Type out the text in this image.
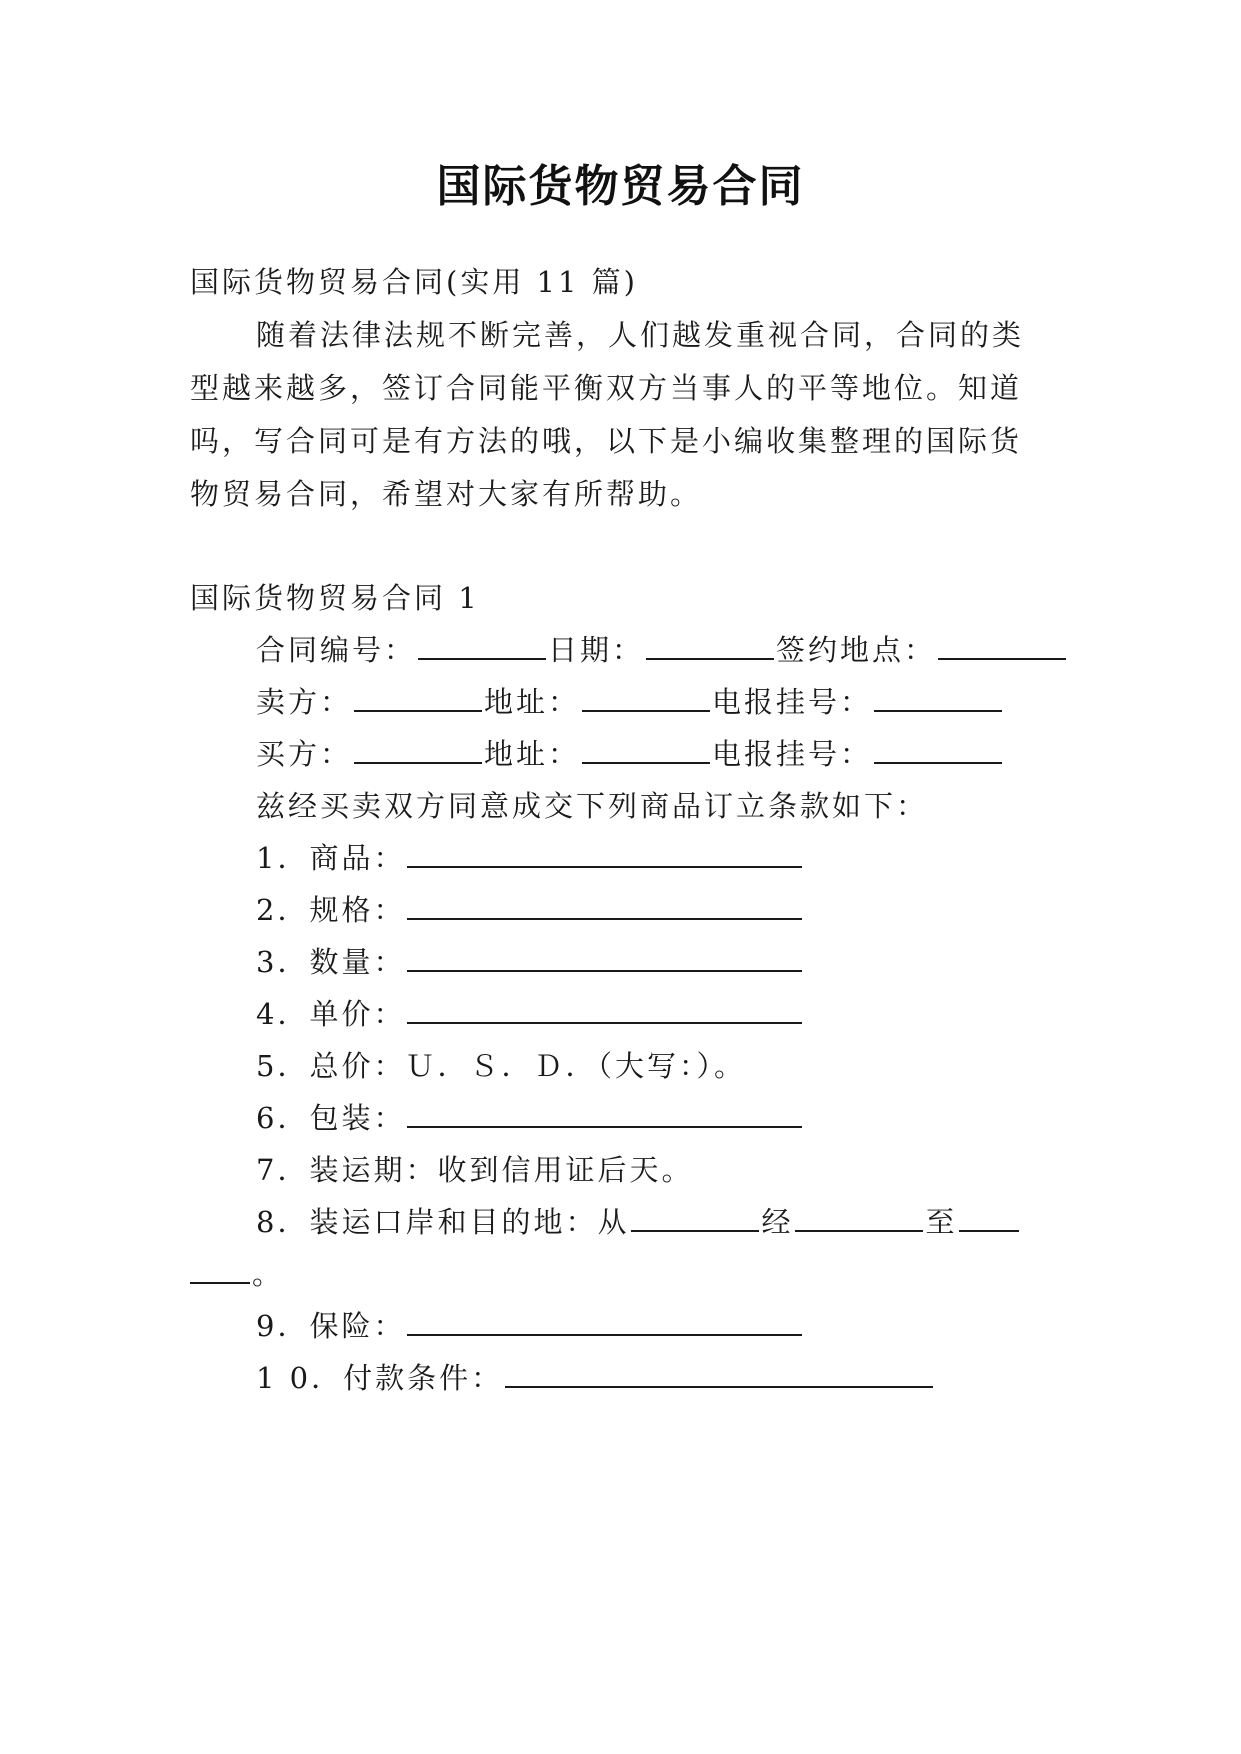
国际货物贸易合同
国际货物贸易合同(实用 11 篇)
随着法律法规不断完善，人们越发重视合同，合同的类
型越来越多，签订合同能平衡双方当事人的平等地位。知道
吗，写合同可是有方法的哦，以下是小编收集整理的国际货
物贸易合同，希望对大家有所帮助。
国际货物贸易合同 1
合同编号：	日期：	签约地点：
卖方：	地址：	电报挂号：
买方：	地址：	电报挂号：
兹经买卖双方同意成交下列商品订立条款如下：
1．商品：
2．规格：
3．数量：
4．单价：
5．总价：Ｕ．Ｓ．Ｄ．（大写：）。
6．包装：
7．装运期：收到信用证后天。
8．装运口岸和目的地：从	经	至
。
9．保险：
1 0．付款条件：
